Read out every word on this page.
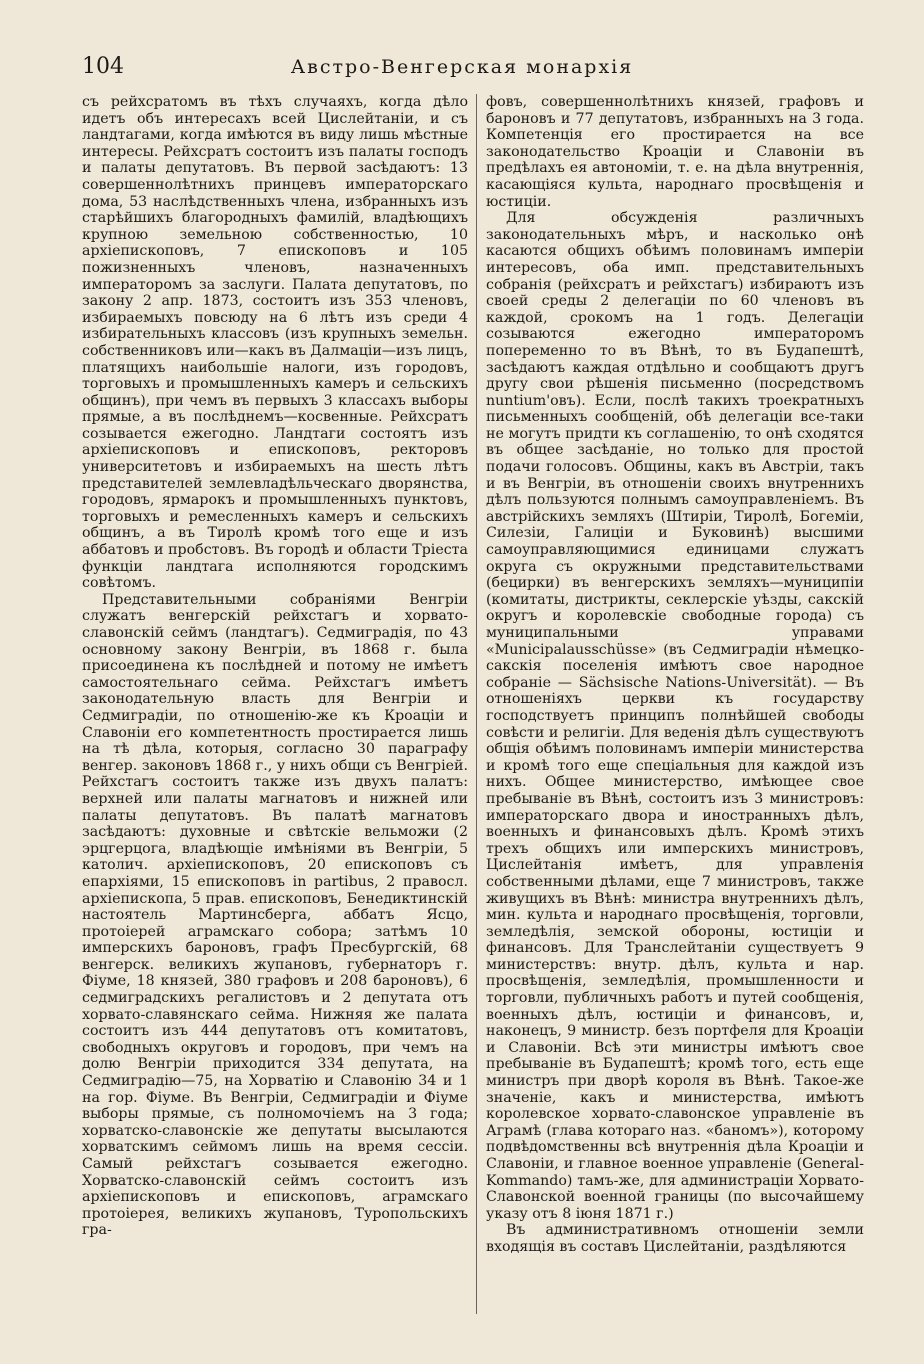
104	Австро-Венгерская монархія

съ рейхсратомъ въ тѣхъ случаяхъ, когда дѣло идетъ объ интересахъ всей Цислейтаніи, и съ ландтагами, когда имѣются въ виду лишь мѣстные интересы. Рейхсратъ состоитъ изъ палаты господъ и палаты депутатовъ. Въ первой засѣдаютъ: 13 совершеннолѣтнихъ принцевъ императорскаго дома, 53 наслѣдственныхъ члена, избранныхъ изъ старѣйшихъ благородныхъ фамилій, владѣющихъ крупною земельною собственностью, 10 архіепископовъ, 7 епископовъ и 105 пожизненныхъ членовъ, назначенныхъ императоромъ за заслуги. Палата депутатовъ, по закону 2 апр. 1873, состоитъ изъ 353 членовъ, избираемыхъ повсюду на 6 лѣтъ изъ среди 4 избирательныхъ классовъ (изъ крупныхъ земельн. собственниковъ или—какъ въ Далмаціи—изъ лицъ, платящихъ наибольшіе налоги, изъ городовъ, торговыхъ и промышленныхъ камеръ и сельскихъ общинъ), при чемъ въ первыхъ 3 классахъ выборы прямые, а въ послѣднемъ—косвенные. Рейхсратъ созывается ежегодно. Ландтаги состоятъ изъ архіепископовъ и епископовъ, ректоровъ университетовъ и избираемыхъ на шесть лѣтъ представителей землевладѣльческаго дворянства, городовъ, ярмарокъ и промышленныхъ пунктовъ, торговыхъ и ремесленныхъ камеръ и сельскихъ общинъ, а въ Тиролѣ кромѣ того еще и изъ аббатовъ и пробстовъ. Въ городѣ и области Тріеста функціи ландтага исполняются городскимъ совѣтомъ.

Представительными собраніями Венгріи служатъ венгерскій рейхстагъ и хорвато-славонскій сеймъ (ландтагъ). Седмиградія, по 43 основному закону Венгріи, въ 1868 г. была присоединена къ послѣдней и потому не имѣетъ самостоятельнаго сейма. Рейхстагъ имѣетъ законодательную власть для Венгріи и Седмиградіи, по отношенію-же къ Кроаціи и Славоніи его компетентность простирается лишь на тѣ дѣла, которыя, согласно 30 параграфу венгер. законовъ 1868 г., у нихъ общи съ Венгріей. Рейхстагъ состоитъ также изъ двухъ палатъ: верхней или палаты магнатовъ и нижней или палаты депутатовъ. Въ палатѣ магнатовъ засѣдаютъ: духовные и свѣтскіе вельможи (2 эрцгерцога, владѣющіе имѣніями въ Венгріи, 5 католич. архіепископовъ, 20 епископовъ съ епархіями, 15 епископовъ in partibus, 2 правосл. архіепископа, 5 прав. епископовъ, Бенедиктинскій настоятель Мартинсберга, аббатъ Ясцо, протоіерей аграмскаго собора; затѣмъ 10 имперскихъ бароновъ, графъ Пресбургскій, 68 венгерск. великихъ жупановъ, губернаторъ г. Фіуме, 18 князей, 380 графовъ и 208 бароновъ), 6 седмиградскихъ регалистовъ и 2 депутата отъ хорвато-славянскаго сейма. Нижняя же палата состоитъ изъ 444 депутатовъ отъ комитатовъ, свободныхъ округовъ и городовъ, при чемъ на долю Венгріи приходится 334 депутата, на Седмиградію—75, на Хорватію и Славонію 34 и 1 на гор. Фіуме. Въ Венгріи, Седмиградіи и Фіуме выборы прямые, съ полномочіемъ на 3 года; хорватско-славонскіе же депутаты высылаются хорватскимъ сеймомъ лишь на время сессіи. Самый рейхстагъ созывается ежегодно. Хорватско-славонскій сеймъ состоитъ изъ архіепископовъ и епископовъ, аграмскаго протоіерея, великихъ жупановъ, Туропольскихъ гра-

фовъ, совершеннолѣтнихъ князей, графовъ и бароновъ и 77 депутатовъ, избранныхъ на 3 года. Компетенція его простирается на все законодательство Кроаціи и Славоніи въ предѣлахъ ея автономіи, т. е. на дѣла внутреннія, касающіяся культа, народнаго просвѣщенія и юстиціи.

Для обсужденія различныхъ законодательныхъ мѣръ, и насколько онѣ касаются общихъ обѣимъ половинамъ имперіи интересовъ, оба имп. представительныхъ собранія (рейхсратъ и рейхстагъ) избираютъ изъ своей среды 2 делегаціи по 60 членовъ въ каждой, срокомъ на 1 годъ. Делегаціи созываются ежегодно императоромъ попеременно то въ Вѣнѣ, то въ Будапештѣ, засѣдаютъ каждая отдѣльно и сообщаютъ другъ другу свои рѣшенія письменно (посредствомъ nuntium'овъ). Если, послѣ такихъ троекратныхъ письменныхъ сообщеній, обѣ делегаціи все-таки не могутъ придти къ соглашенію, то онѣ сходятся въ общее засѣданіе, но только для простой подачи голосовъ. Общины, какъ въ Австріи, такъ и въ Венгріи, въ отношеніи своихъ внутреннихъ дѣлъ пользуются полнымъ самоуправленіемъ. Въ австрійскихъ земляхъ (Штиріи, Тиролѣ, Богеміи, Силезіи, Галиціи и Буковинѣ) высшими самоуправляющимися единицами служатъ округа съ окружными представительствами (бецирки) въ венгерскихъ земляхъ—муниципіи (комитаты, дистрикты, секлерскіе уѣзды, сакскій округъ и королевскіе свободные города) съ муниципальными управами «Municipalausschüsse» (въ Седмиградіи нѣмецко-сакскія поселенія имѣютъ свое народное собраніе — Sächsische Nations-Universität). — Въ отношеніяхъ церкви къ государству господствуетъ принципъ полнѣйшей свободы совѣсти и религіи. Для веденія дѣлъ существуютъ общія обѣимъ половинамъ имперіи министерства и кромѣ того еще спеціальныя для каждой изъ нихъ. Общее министерство, имѣющее свое пребываніе въ Вѣнѣ, состоитъ изъ 3 министровъ: императорскаго двора и иностранныхъ дѣлъ, военныхъ и финансовыхъ дѣлъ. Кромѣ этихъ трехъ общихъ или имперскихъ министровъ, Цислейтанія имѣетъ, для управленія собственными дѣлами, еще 7 министровъ, также живущихъ въ Вѣнѣ: министра внутреннихъ дѣлъ, мин. культа и народнаго просвѣщенія, торговли, земледѣлія, земской обороны, юстиціи и финансовъ. Для Транслейтаніи существуетъ 9 министерствъ: внутр. дѣлъ, культа и нар. просвѣщенія, земледѣлія, промышленности и торговли, публичныхъ работъ и путей сообщенія, военныхъ дѣлъ, юстиціи и финансовъ, и, наконецъ, 9 министр. безъ портфеля для Кроаціи и Славоніи. Всѣ эти министры имѣютъ свое пребываніе въ Будапештѣ; кромѣ того, есть еще министръ при дворѣ короля въ Вѣнѣ. Такое-же значеніе, какъ и министерства, имѣютъ королевское хорвато-славонское управленіе въ Аграмѣ (глава котораго наз. «баномъ»), которому подвѣдомственны всѣ внутреннія дѣла Кроаціи и Славоніи, и главное военное управленіе (General-Kommando) тамъ-же, для администраціи Хорвато-Славонской военной границы (по высочайшему указу отъ 8 іюня 1871 г.)

Въ административномъ отношеніи земли входящія въ составъ Цислейтаніи, раздѣляются
